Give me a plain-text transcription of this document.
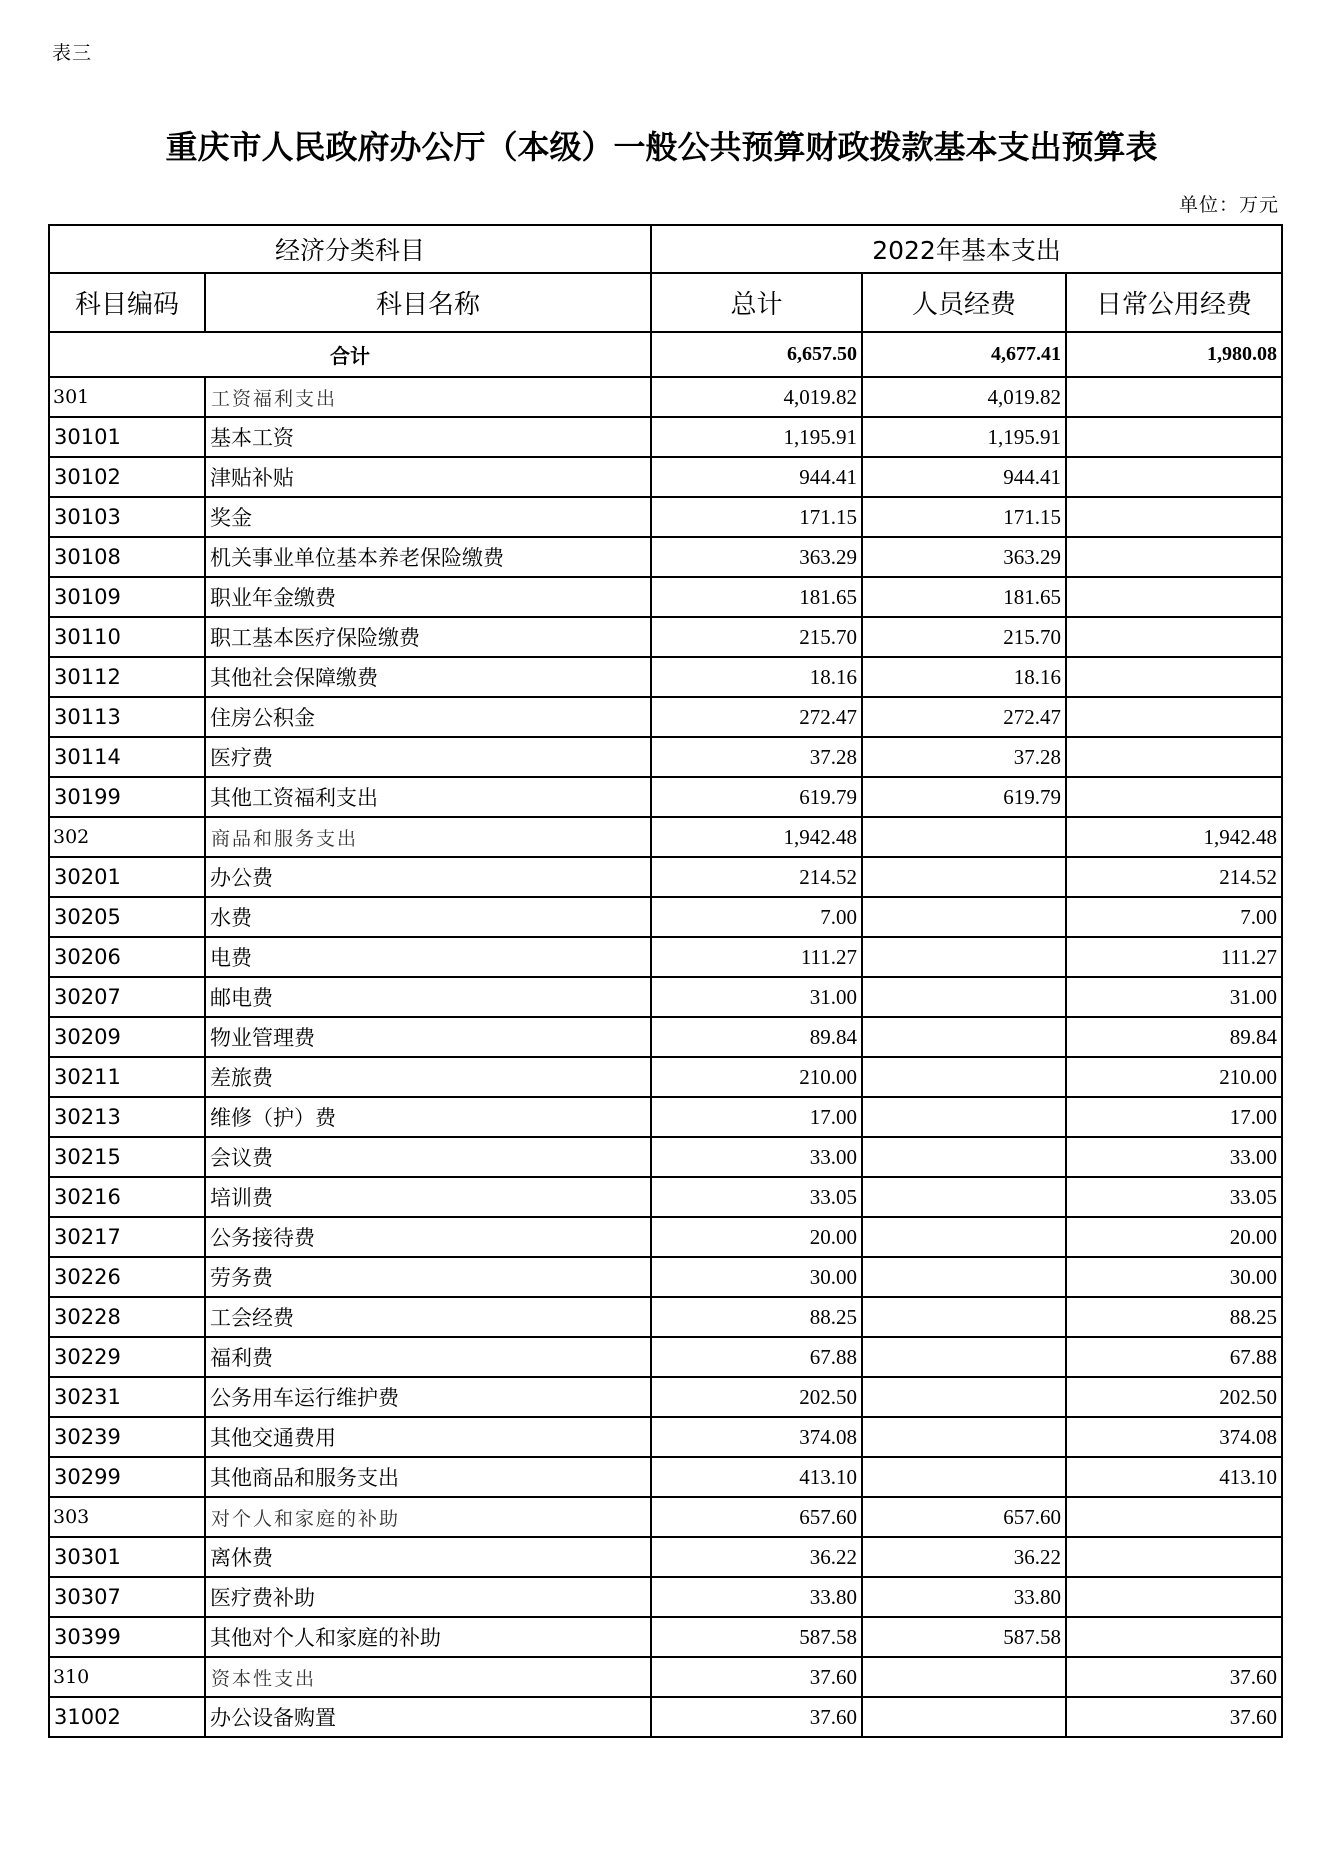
表三
重庆市人民政府办公厅（本级）一般公共预算财政拨款基本支出预算表
单位：万元
经济分类科目		2022年基本支出		
科目编码	科目名称	总计	人员经费	日常公用经费
合计		6,657.50	4,677.41	1,980.08
301	工资福利支出	4,019.82	4,019.82	
30101	基本工资	1,195.91	1,195.91	
30102	津贴补贴	944.41	944.41	
30103	奖金	171.15	171.15	
30108	机关事业单位基本养老保险缴费	363.29	363.29	
30109	职业年金缴费	181.65	181.65	
30110	职工基本医疗保险缴费	215.70	215.70	
30112	其他社会保障缴费	18.16	18.16	
30113	住房公积金	272.47	272.47	
30114	医疗费	37.28	37.28	
30199	其他工资福利支出	619.79	619.79	
302	商品和服务支出	1,942.48		1,942.48
30201	办公费	214.52		214.52
30205	水费	7.00		7.00
30206	电费	111.27		111.27
30207	邮电费	31.00		31.00
30209	物业管理费	89.84		89.84
30211	差旅费	210.00		210.00
30213	维修（护）费	17.00		17.00
30215	会议费	33.00		33.00
30216	培训费	33.05		33.05
30217	公务接待费	20.00		20.00
30226	劳务费	30.00		30.00
30228	工会经费	88.25		88.25
30229	福利费	67.88		67.88
30231	公务用车运行维护费	202.50		202.50
30239	其他交通费用	374.08		374.08
30299	其他商品和服务支出	413.10		413.10
303	对个人和家庭的补助	657.60	657.60	
30301	离休费	36.22	36.22	
30307	医疗费补助	33.80	33.80	
30399	其他对个人和家庭的补助	587.58	587.58	
310	资本性支出	37.60		37.60
31002	办公设备购置	37.60		37.60
